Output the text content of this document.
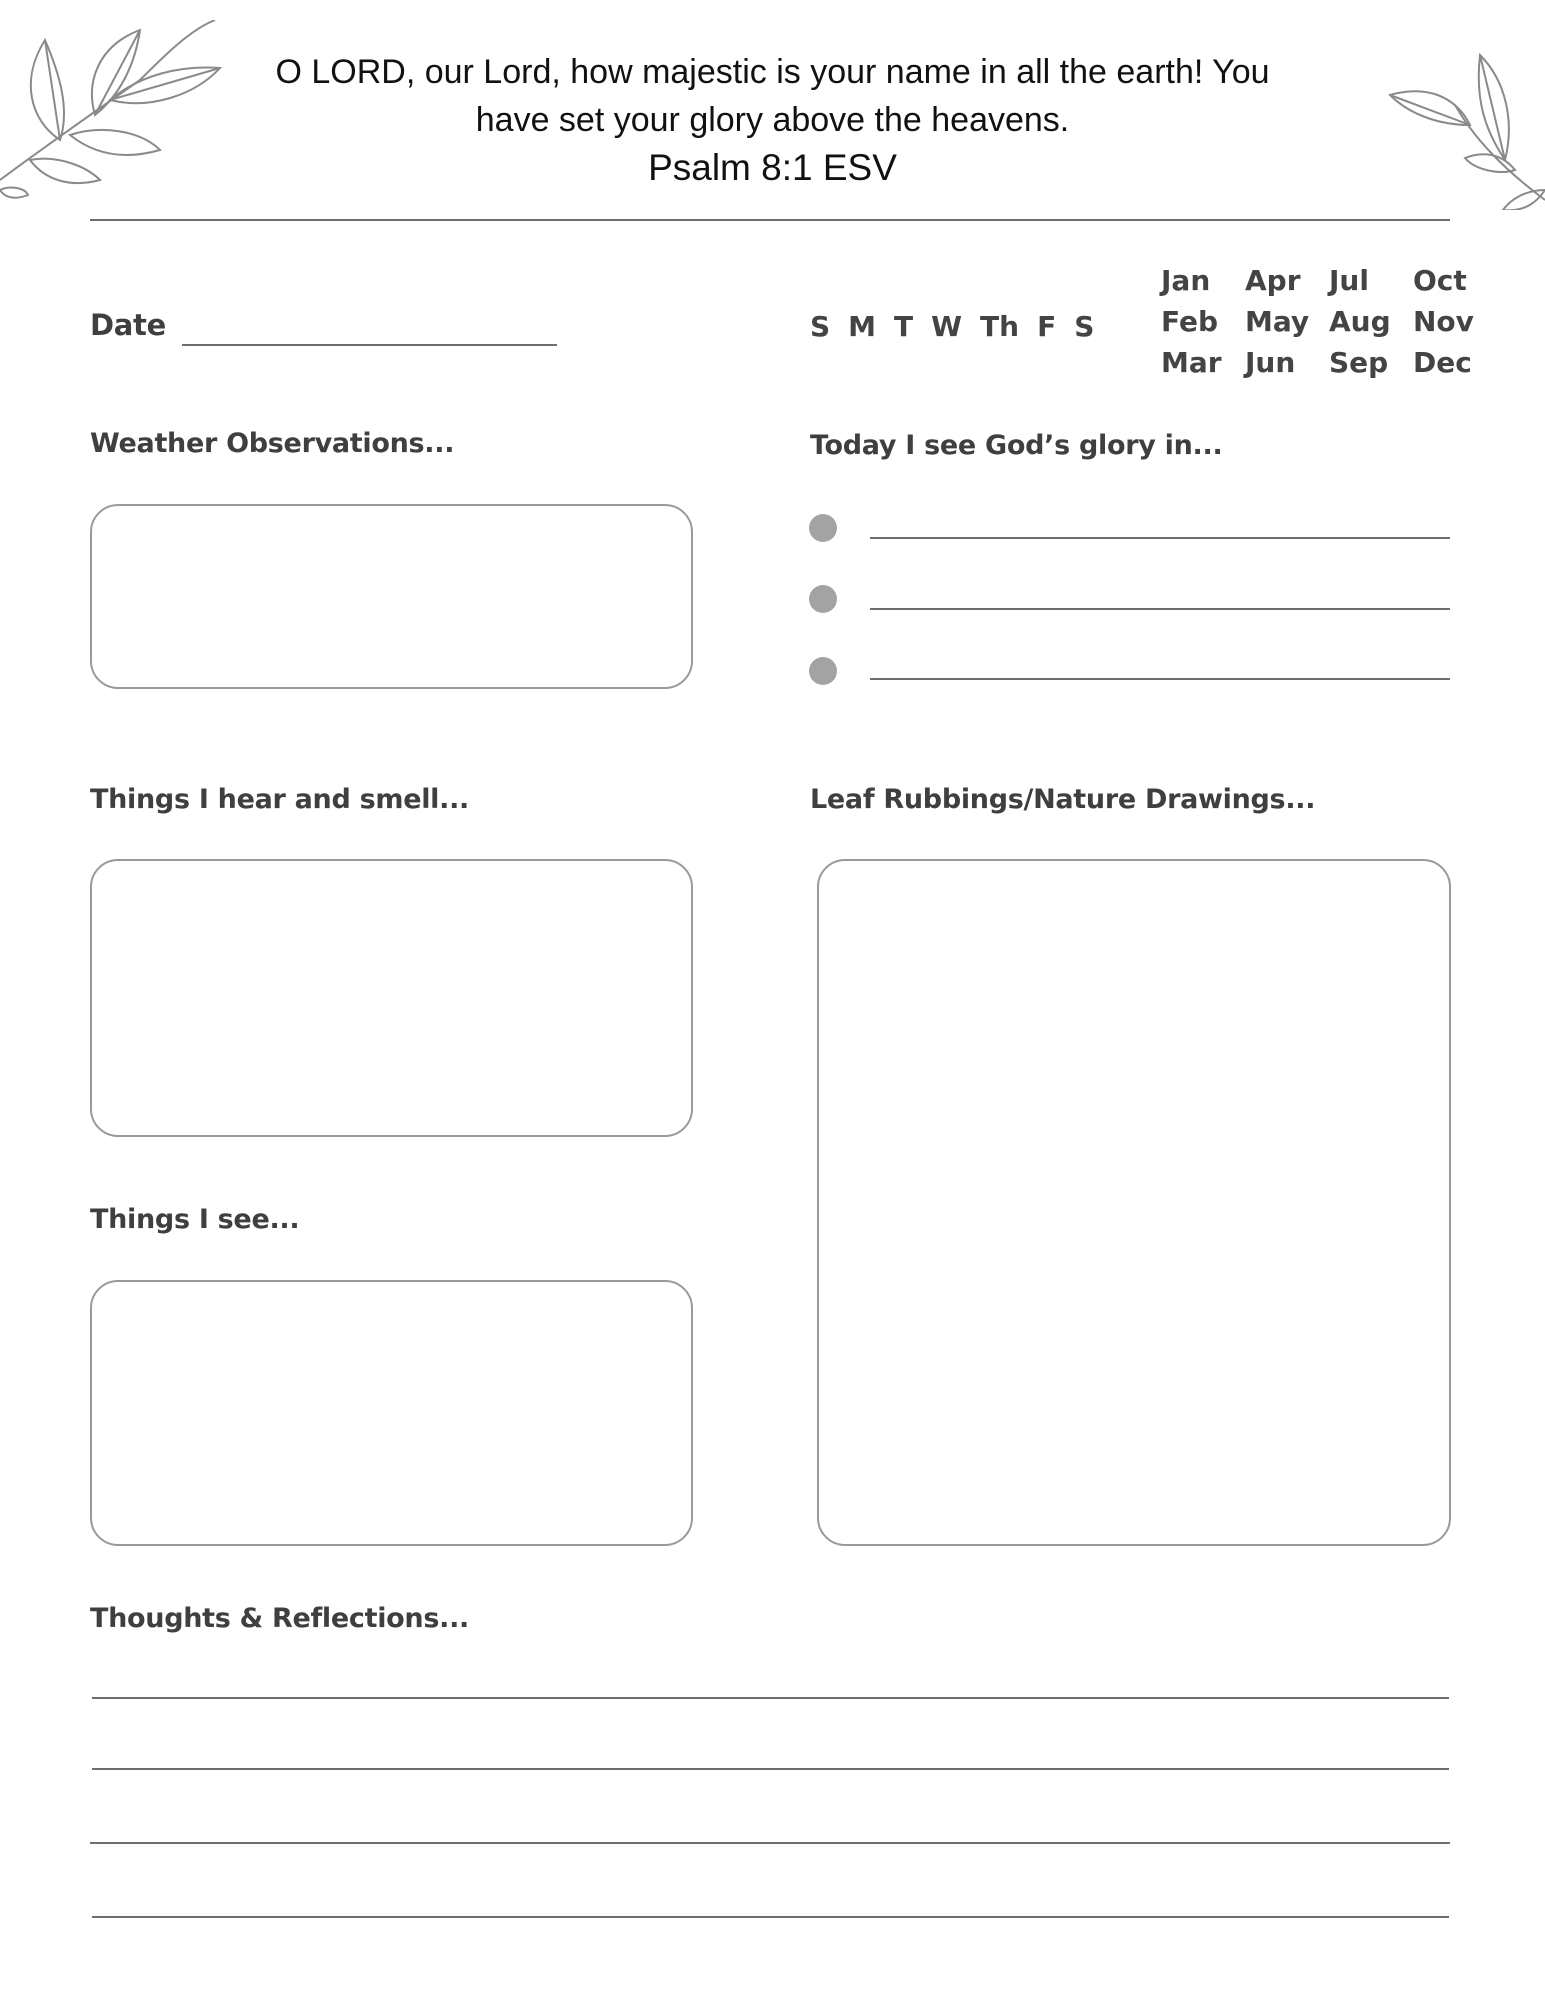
O LORD, our Lord, how majestic is your name in all the earth! You
have set your glory above the heavens.
Psalm 8:1 ESV
Date	S M T W Th F S
Jan	Apr	Jul	Oct
Feb May Aug Nov
Mar Jun	Sep Dec
Weather Observations...	Today I see God’s glory in...
Things I hear and smell...	Leaf Rubbings/Nature Drawings...
Things I see...
Thoughts & Reflections...
